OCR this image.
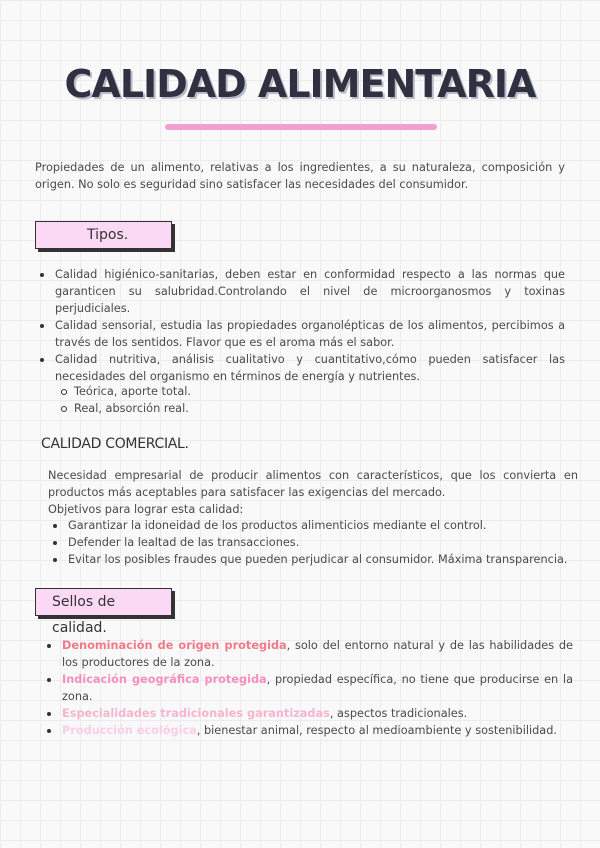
CALIDAD ALIMENTARIA

Propiedades de un alimento, relativas a los ingredientes, a su naturaleza, composición y origen. No solo es seguridad sino satisfacer las necesidades del consumidor.

Tipos.
Calidad higiénico-sanitarias, deben estar en conformidad respecto a las normas que garanticen su salubridad.Controlando el nivel de microorganosmos y toxinas perjudiciales.
Calidad sensorial, estudia las propiedades organolépticas de los alimentos, percibimos a través de los sentidos. Flavor que es el aroma más el sabor.
Calidad nutritiva, análisis cualitativo y cuantitativo,cómo pueden satisfacer las necesidades del organismo en términos de energía y nutrientes.
Teórica, aporte total.
Real, absorción real.
CALIDAD COMERCIAL.

Necesidad empresarial de producir alimentos con característicos, que los convierta en productos más aceptables para satisfacer las exigencias del mercado.

Objetivos para lograr esta calidad:

Garantizar la idoneidad de los productos alimenticios mediante el control.
Defender la lealtad de las transacciones.
Evitar los posibles fraudes que pueden perjudicar al consumidor. Máxima transparencia.
Sellos de calidad.
Denominación de origen protegida, solo del entorno natural y de las habilidades de los productores de la zona.
Indicación geográfica protegida, propiedad específica, no tiene que producirse en la zona.
Especialidades tradicionales garantizadas, aspectos tradicionales.
Producción ecológica, bienestar animal, respecto al medioambiente y sostenibilidad.
